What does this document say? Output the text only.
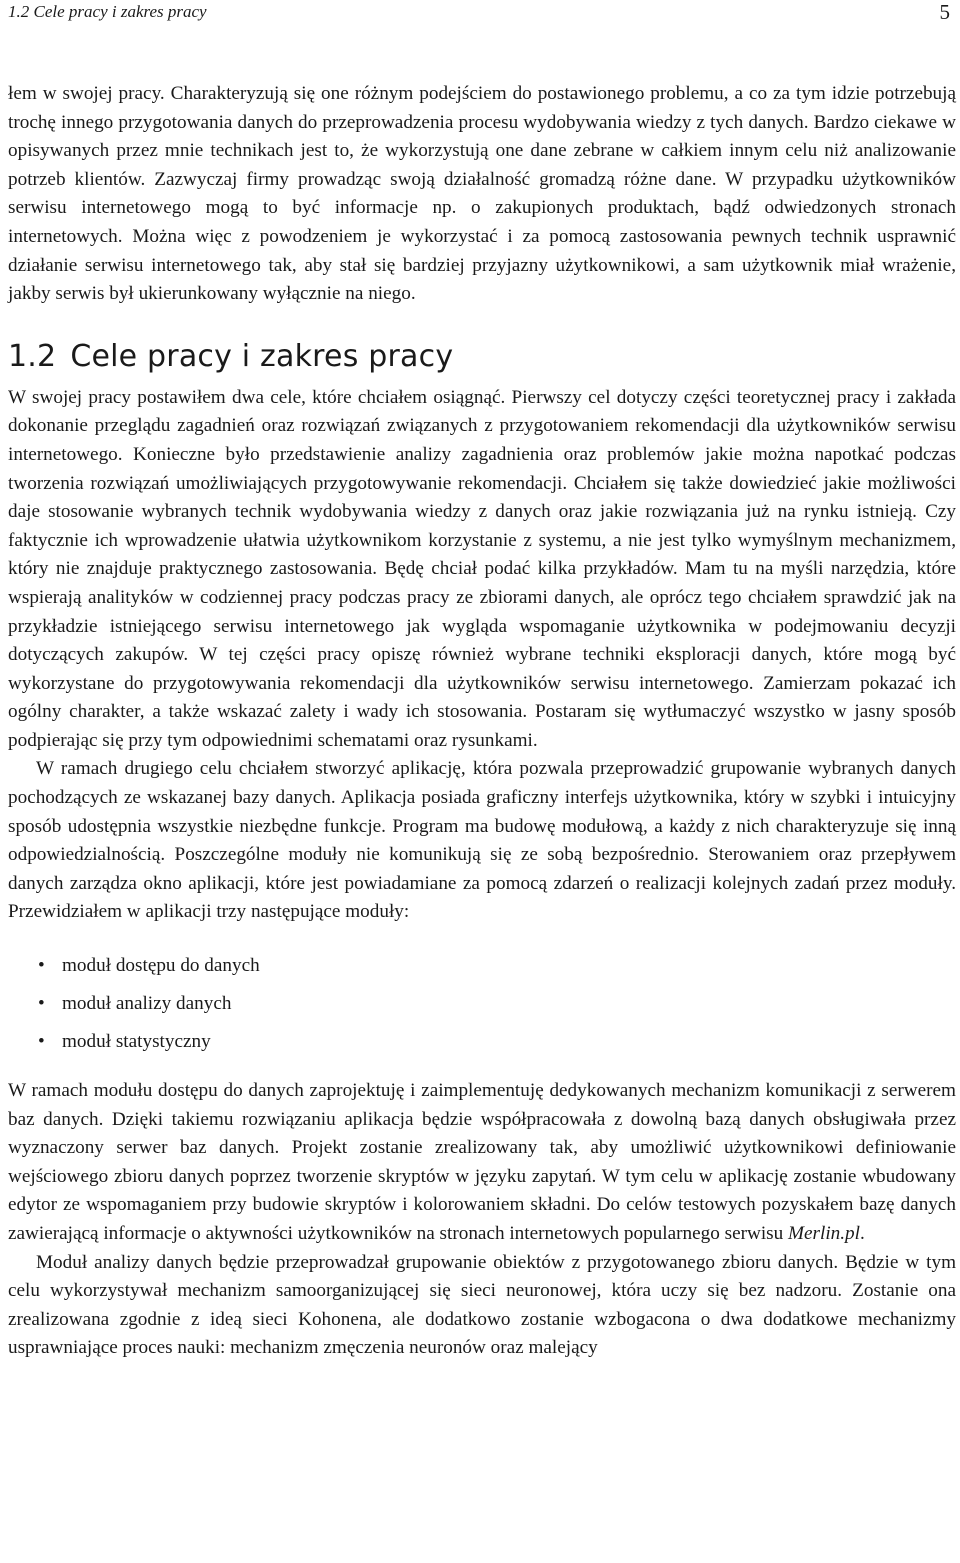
1.2 Cele pracy i zakres pracy	5

łem w swojej pracy. Charakteryzują się one różnym podejściem do postawionego problemu, a co za tym idzie potrzebują trochę innego przygotowania danych do przeprowadzenia procesu wydobywania wiedzy z tych danych. Bardzo ciekawe w opisywanych przez mnie technikach jest to, że wykorzystują one dane zebrane w całkiem innym celu niż analizowanie potrzeb klientów. Zazwyczaj firmy prowadząc swoją działalność gromadzą różne dane. W przypadku użytkowników serwisu internetowego mogą to być informacje np. o zakupionych produktach, bądź odwiedzonych stronach internetowych. Można więc z powodzeniem je wykorzystać i za pomocą zastosowania pewnych technik usprawnić działanie serwisu internetowego tak, aby stał się bardziej przyjazny użytkownikowi, a sam użytkownik miał wrażenie, jakby serwis był ukierunkowany wyłącznie na niego.

1.2 Cele pracy i zakres pracy

W swojej pracy postawiłem dwa cele, które chciałem osiągnąć. Pierwszy cel dotyczy części teoretycznej pracy i zakłada dokonanie przeglądu zagadnień oraz rozwiązań związanych z przygotowaniem rekomendacji dla użytkowników serwisu internetowego. Konieczne było przedstawienie analizy zagadnienia oraz problemów jakie można napotkać podczas tworzenia rozwiązań umożliwiających przygotowywanie rekomendacji. Chciałem się także dowiedzieć jakie możliwości daje stosowanie wybranych technik wydobywania wiedzy z danych oraz jakie rozwiązania już na rynku istnieją. Czy faktycznie ich wprowadzenie ułatwia użytkownikom korzystanie z systemu, a nie jest tylko wymyślnym mechanizmem, który nie znajduje praktycznego zastosowania. Będę chciał podać kilka przykładów. Mam tu na myśli narzędzia, które wspierają analityków w codziennej pracy podczas pracy ze zbiorami danych, ale oprócz tego chciałem sprawdzić jak na przykładzie istniejącego serwisu internetowego jak wygląda wspomaganie użytkownika w podejmowaniu decyzji dotyczących zakupów. W tej części pracy opiszę również wybrane techniki eksploracji danych, które mogą być wykorzystane do przygotowywania rekomendacji dla użytkowników serwisu internetowego. Zamierzam pokazać ich ogólny charakter, a także wskazać zalety i wady ich stosowania. Postaram się wytłumaczyć wszystko w jasny sposób podpierając się przy tym odpowiednimi schematami oraz rysunkami.

W ramach drugiego celu chciałem stworzyć aplikację, która pozwala przeprowadzić grupowanie wybranych danych pochodzących ze wskazanej bazy danych. Aplikacja posiada graficzny interfejs użytkownika, który w szybki i intuicyjny sposób udostępnia wszystkie niezbędne funkcje. Program ma budowę modułową, a każdy z nich charakteryzuje się inną odpowiedzialnością. Poszczególne moduły nie komunikują się ze sobą bezpośrednio. Sterowaniem oraz przepływem danych zarządza okno aplikacji, które jest powiadamiane za pomocą zdarzeń o realizacji kolejnych zadań przez moduły. Przewidziałem w aplikacji trzy następujące moduły:

• moduł dostępu do danych
• moduł analizy danych
• moduł statystyczny

W ramach modułu dostępu do danych zaprojektuję i zaimplementuję dedykowanych mechanizm komunikacji z serwerem baz danych. Dzięki takiemu rozwiązaniu aplikacja będzie współpracowała z dowolną bazą danych obsługiwała przez wyznaczony serwer baz danych. Projekt zostanie zrealizowany tak, aby umożliwić użytkownikowi definiowanie wejściowego zbioru danych poprzez tworzenie skryptów w języku zapytań. W tym celu w aplikację zostanie wbudowany edytor ze wspomaganiem przy budowie skryptów i kolorowaniem składni. Do celów testowych pozyskałem bazę danych zawierającą informacje o aktywności użytkowników na stronach internetowych popularnego serwisu Merlin.pl.

Moduł analizy danych będzie przeprowadzał grupowanie obiektów z przygotowanego zbioru danych. Będzie w tym celu wykorzystywał mechanizm samoorganizującej się sieci neuronowej, która uczy się bez nadzoru. Zostanie ona zrealizowana zgodnie z ideą sieci Kohonena, ale dodatkowo zostanie wzbogacona o dwa dodatkowe mechanizmy usprawniające proces nauki: mechanizm zmęczenia neuronów oraz malejący
